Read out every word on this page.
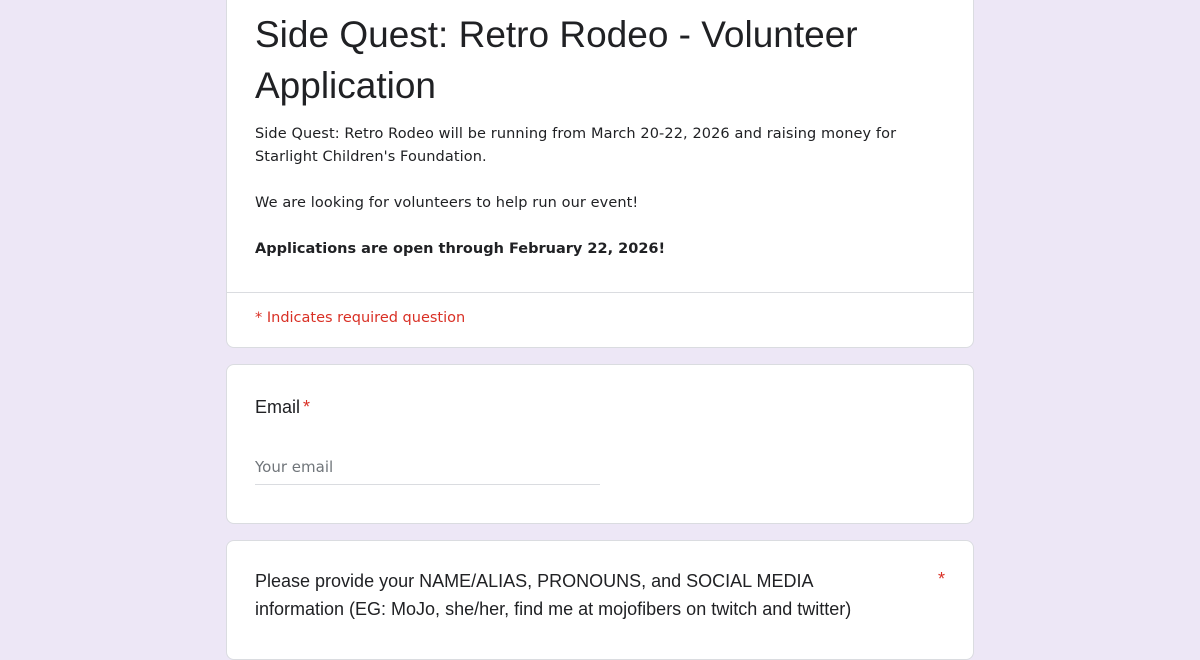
Side Quest: Retro Rodeo - Volunteer Application

Side Quest: Retro Rodeo will be running from March 20-22, 2026 and raising money for Starlight Children's Foundation.

We are looking for volunteers to help run our event!

Applications are open through February 22, 2026!

* Indicates required question
Email *
Your email
Please provide your NAME/ALIAS, PRONOUNS, and SOCIAL MEDIA information (EG: MoJo, she/her, find me at mojofibers on twitch and twitter)
*
